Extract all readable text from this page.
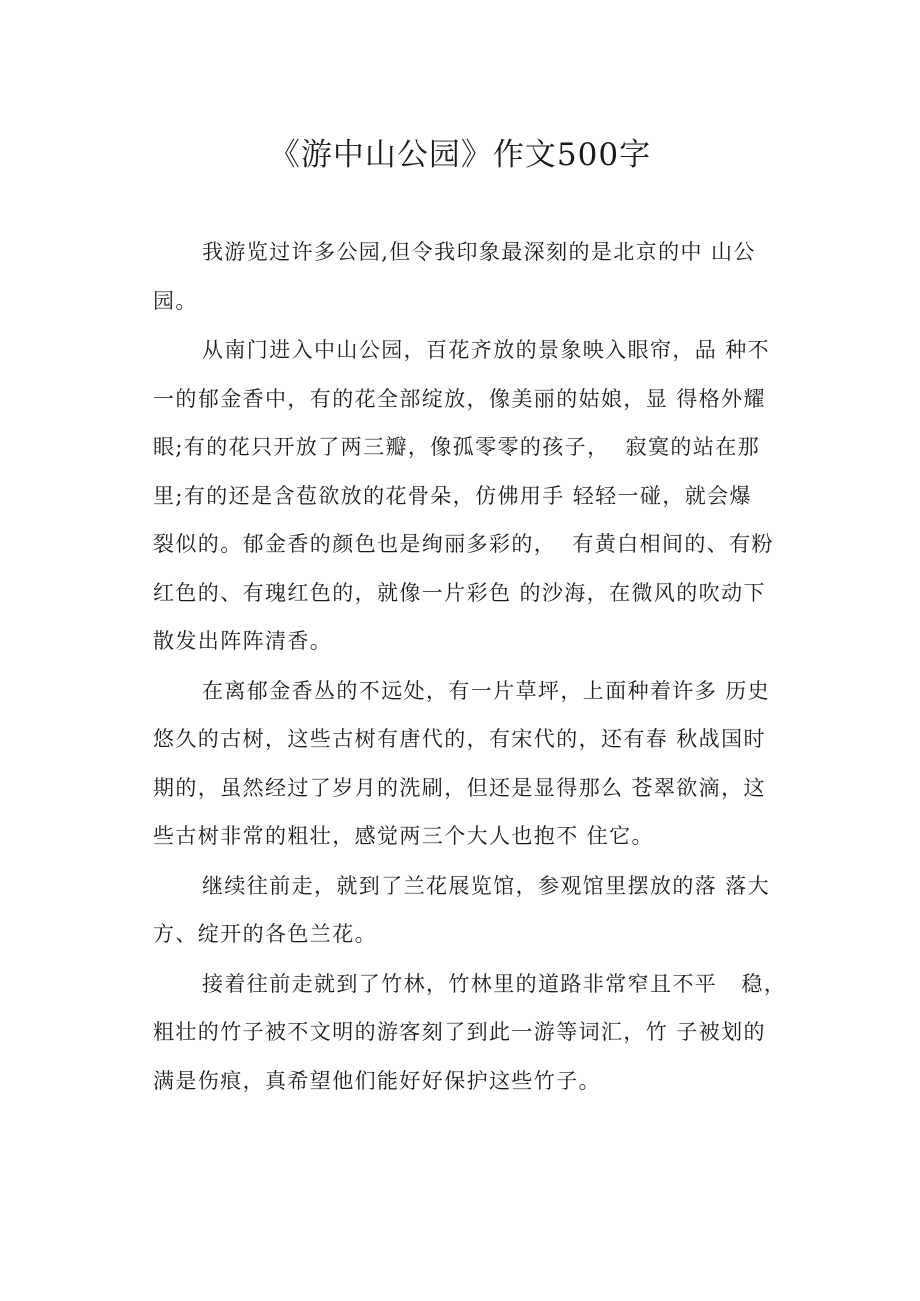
《游中山公园》作文500字
我游览过许多公园,但令我印象最深刻的是北京的中 山公
园。
从南门进入中山公园，百花齐放的景象映入眼帘，品 种不
一的郁金香中，有的花全部绽放，像美丽的姑娘，显 得格外耀
眼;有的花只开放了两三瓣，像孤零零的孩子，  寂寞的站在那
里;有的还是含苞欲放的花骨朵，仿佛用手 轻轻一碰，就会爆
裂似的。郁金香的颜色也是绚丽多彩的，  有黄白相间的、有粉
红色的、有瑰红色的，就像一片彩色 的沙海，在微风的吹动下
散发出阵阵清香。
在离郁金香丛的不远处，有一片草坪，上面种着许多 历史
悠久的古树，这些古树有唐代的，有宋代的，还有春 秋战国时
期的，虽然经过了岁月的洗刷，但还是显得那么 苍翠欲滴，这
些古树非常的粗壮，感觉两三个大人也抱不 住它。
继续往前走，就到了兰花展览馆，参观馆里摆放的落 落大
方、绽开的各色兰花。
接着往前走就到了竹林，竹林里的道路非常窄且不平   稳，
粗壮的竹子被不文明的游客刻了到此一游等词汇，竹 子被划的
满是伤痕，真希望他们能好好保护这些竹子。
